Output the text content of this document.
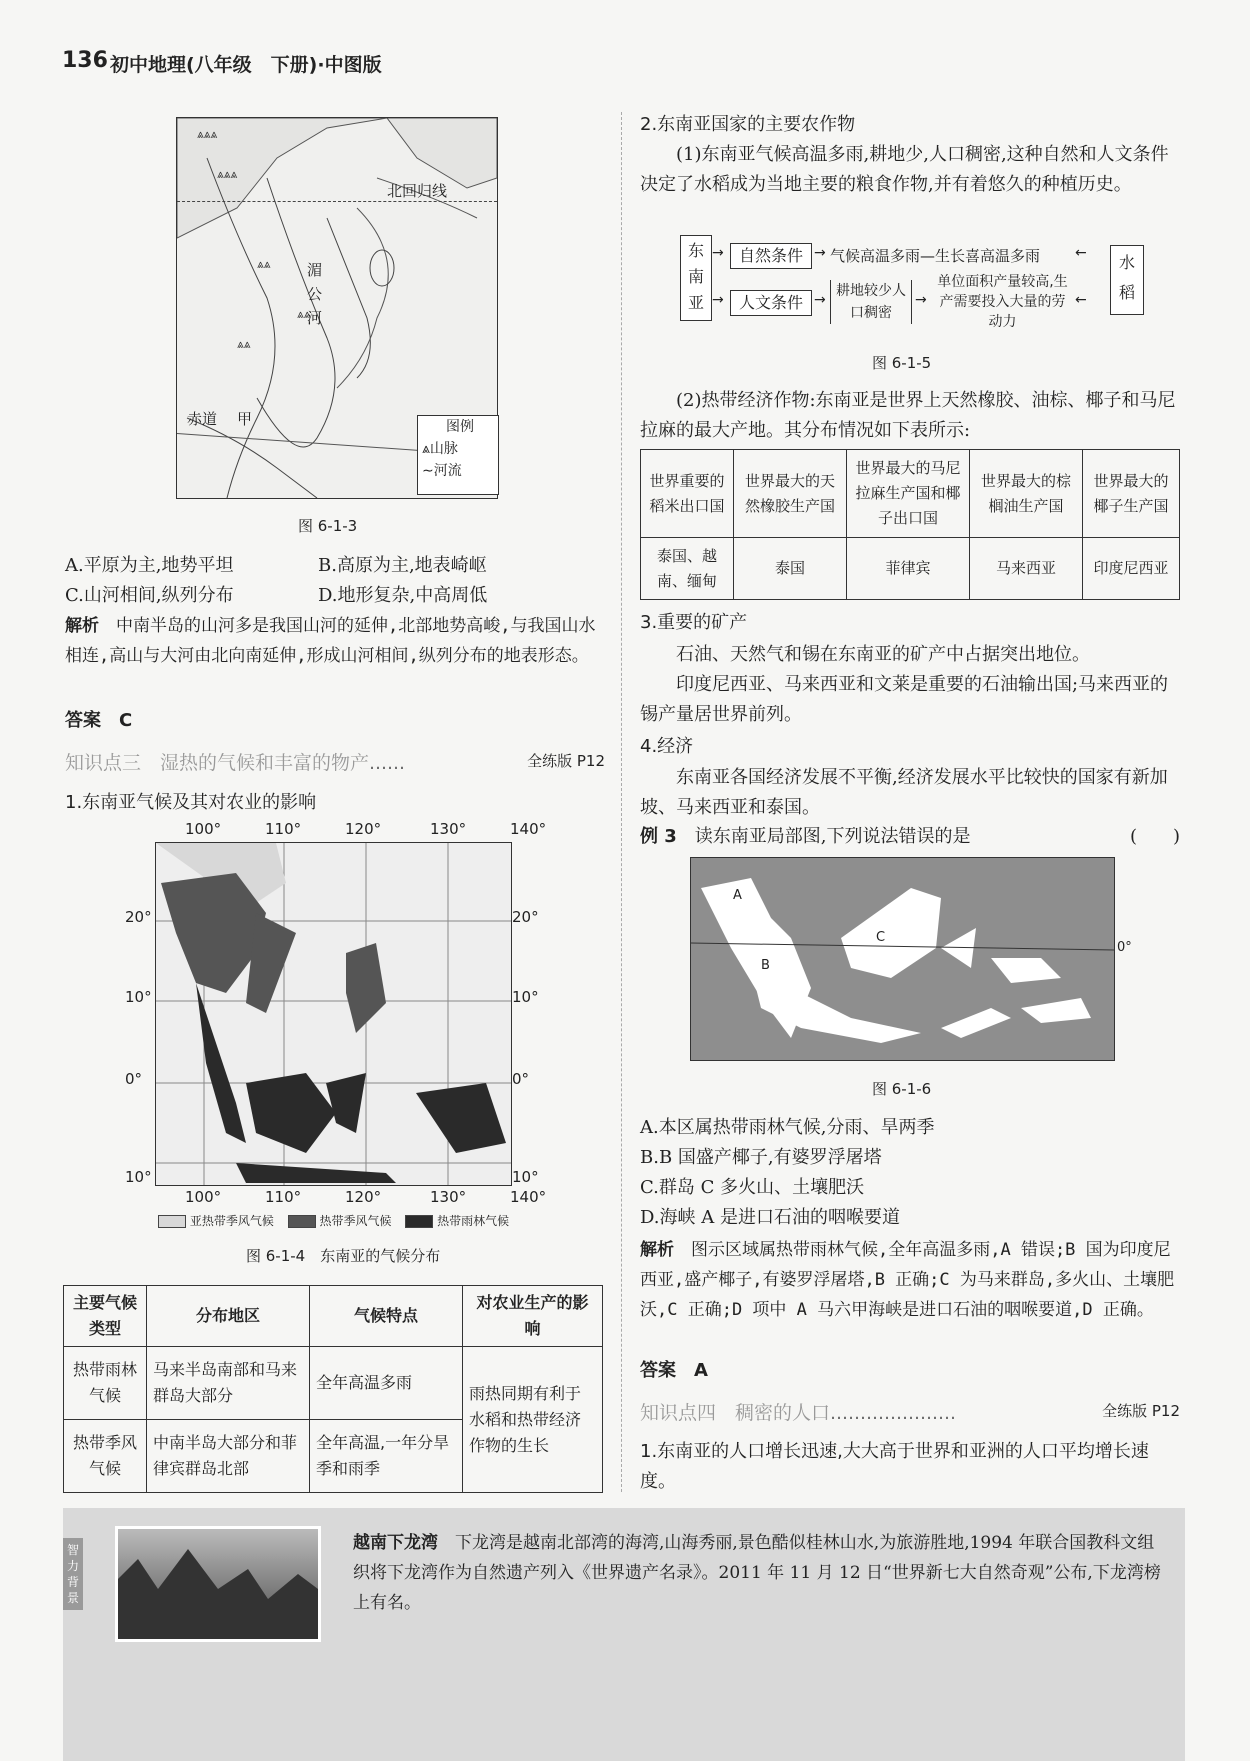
136 初中地理(八年级　下册)·中图版
⩓⩓⩓
⩓⩓⩓
⩓⩓
⩓⩓
⩓⩓
北回归线
湄公河
甲
赤道	图例
⩓山脉
∼河流
图 6-1-3
A.平原为主,地势平坦	B.高原为主,地表崎岖
C.山河相间,纵列分布	D.地形复杂,中高周低
解析　 中南半岛的山河多是我国山河的延伸,北部地势高峻,与我国山水相连,高山与大河由北向南延伸,形成山河相间,纵列分布的地表形态。
答案　 C
知识点三　湿热的气候和丰富的物产……	全练版 P12
1.东南亚气候及其对农业的影响
100°	110°	120°	130°	140°
20°
10°
0°
10°
20°
10°
0°
10°
100°	110°	120°	130°	140°
亚热带季风气候	热带季风气候	热带雨林气候
图 6-1-4　东南亚的气候分布
主要气候类型	分布地区	气候特点	对农业生产的影响
热带雨林气候	马来半岛南部和马来群岛大部分	全年高温多雨	雨热同期有利于水稻和热带经济作物的生长
热带季风气候	中南半岛大部分和菲律宾群岛北部	全年高温,一年分旱季和雨季	
2.东南亚国家的主要农作物
(1)东南亚气候高温多雨,耕地少,人口稠密,这种自然和人文条件决定了水稻成为当地主要的粮食作物,并有着悠久的种植历史。
东南亚
自然条件
→	→ 气候高温多雨—生长喜高温多雨 ←
人文条件
→	→
耕地较少人口稠密
→
单位面积产量较高,生产需要投入大量的劳动力
←
水稻
图 6-1-5
(2)热带经济作物:东南亚是世界上天然橡胶、油棕、椰子和马尼拉麻的最大产地。其分布情况如下表所示:
世界重要的稻米出口国	世界最大的天然橡胶生产国	世界最大的马尼拉麻生产国和椰子出口国	世界最大的棕榈油生产国	世界最大的椰子生产国
泰国、越南、缅甸	泰国	菲律宾	马来西亚	印度尼西亚
3.重要的矿产
石油、天然气和锡在东南亚的矿产中占据突出地位。
印度尼西亚、马来西亚和文莱是重要的石油输出国;马来西亚的锡产量居世界前列。
4.经济
东南亚各国经济发展不平衡,经济发展水平比较快的国家有新加坡、马来西亚和泰国。
例 3　 读东南亚局部图,下列说法错误的是	(　　)
A
B
C
0°
图 6-1-6
A.本区属热带雨林气候,分雨、旱两季
B.B 国盛产椰子,有婆罗浮屠塔
C.群岛 C 多火山、土壤肥沃
D.海峡 A 是进口石油的咽喉要道
解析　 图示区域属热带雨林气候,全年高温多雨,A 错误;B 国为印度尼西亚,盛产椰子,有婆罗浮屠塔,B 正确;C 为马来群岛,多火山、土壤肥沃,C 正确;D 项中 A 马六甲海峡是进口石油的咽喉要道,D 正确。
答案　 A
知识点四　稠密的人口…………………	全练版 P12
1.东南亚的人口增长迅速,大大高于世界和亚洲的人口平均增长速度。
智力背景
越南下龙湾　 下龙湾是越南北部湾的海湾,山海秀丽,景色酷似桂林山水,为旅游胜地,1994 年联合国教科文组织将下龙湾作为自然遗产列入《世界遗产名录》。2011 年 11 月 12 日“世界新七大自然奇观”公布,下龙湾榜上有名。
